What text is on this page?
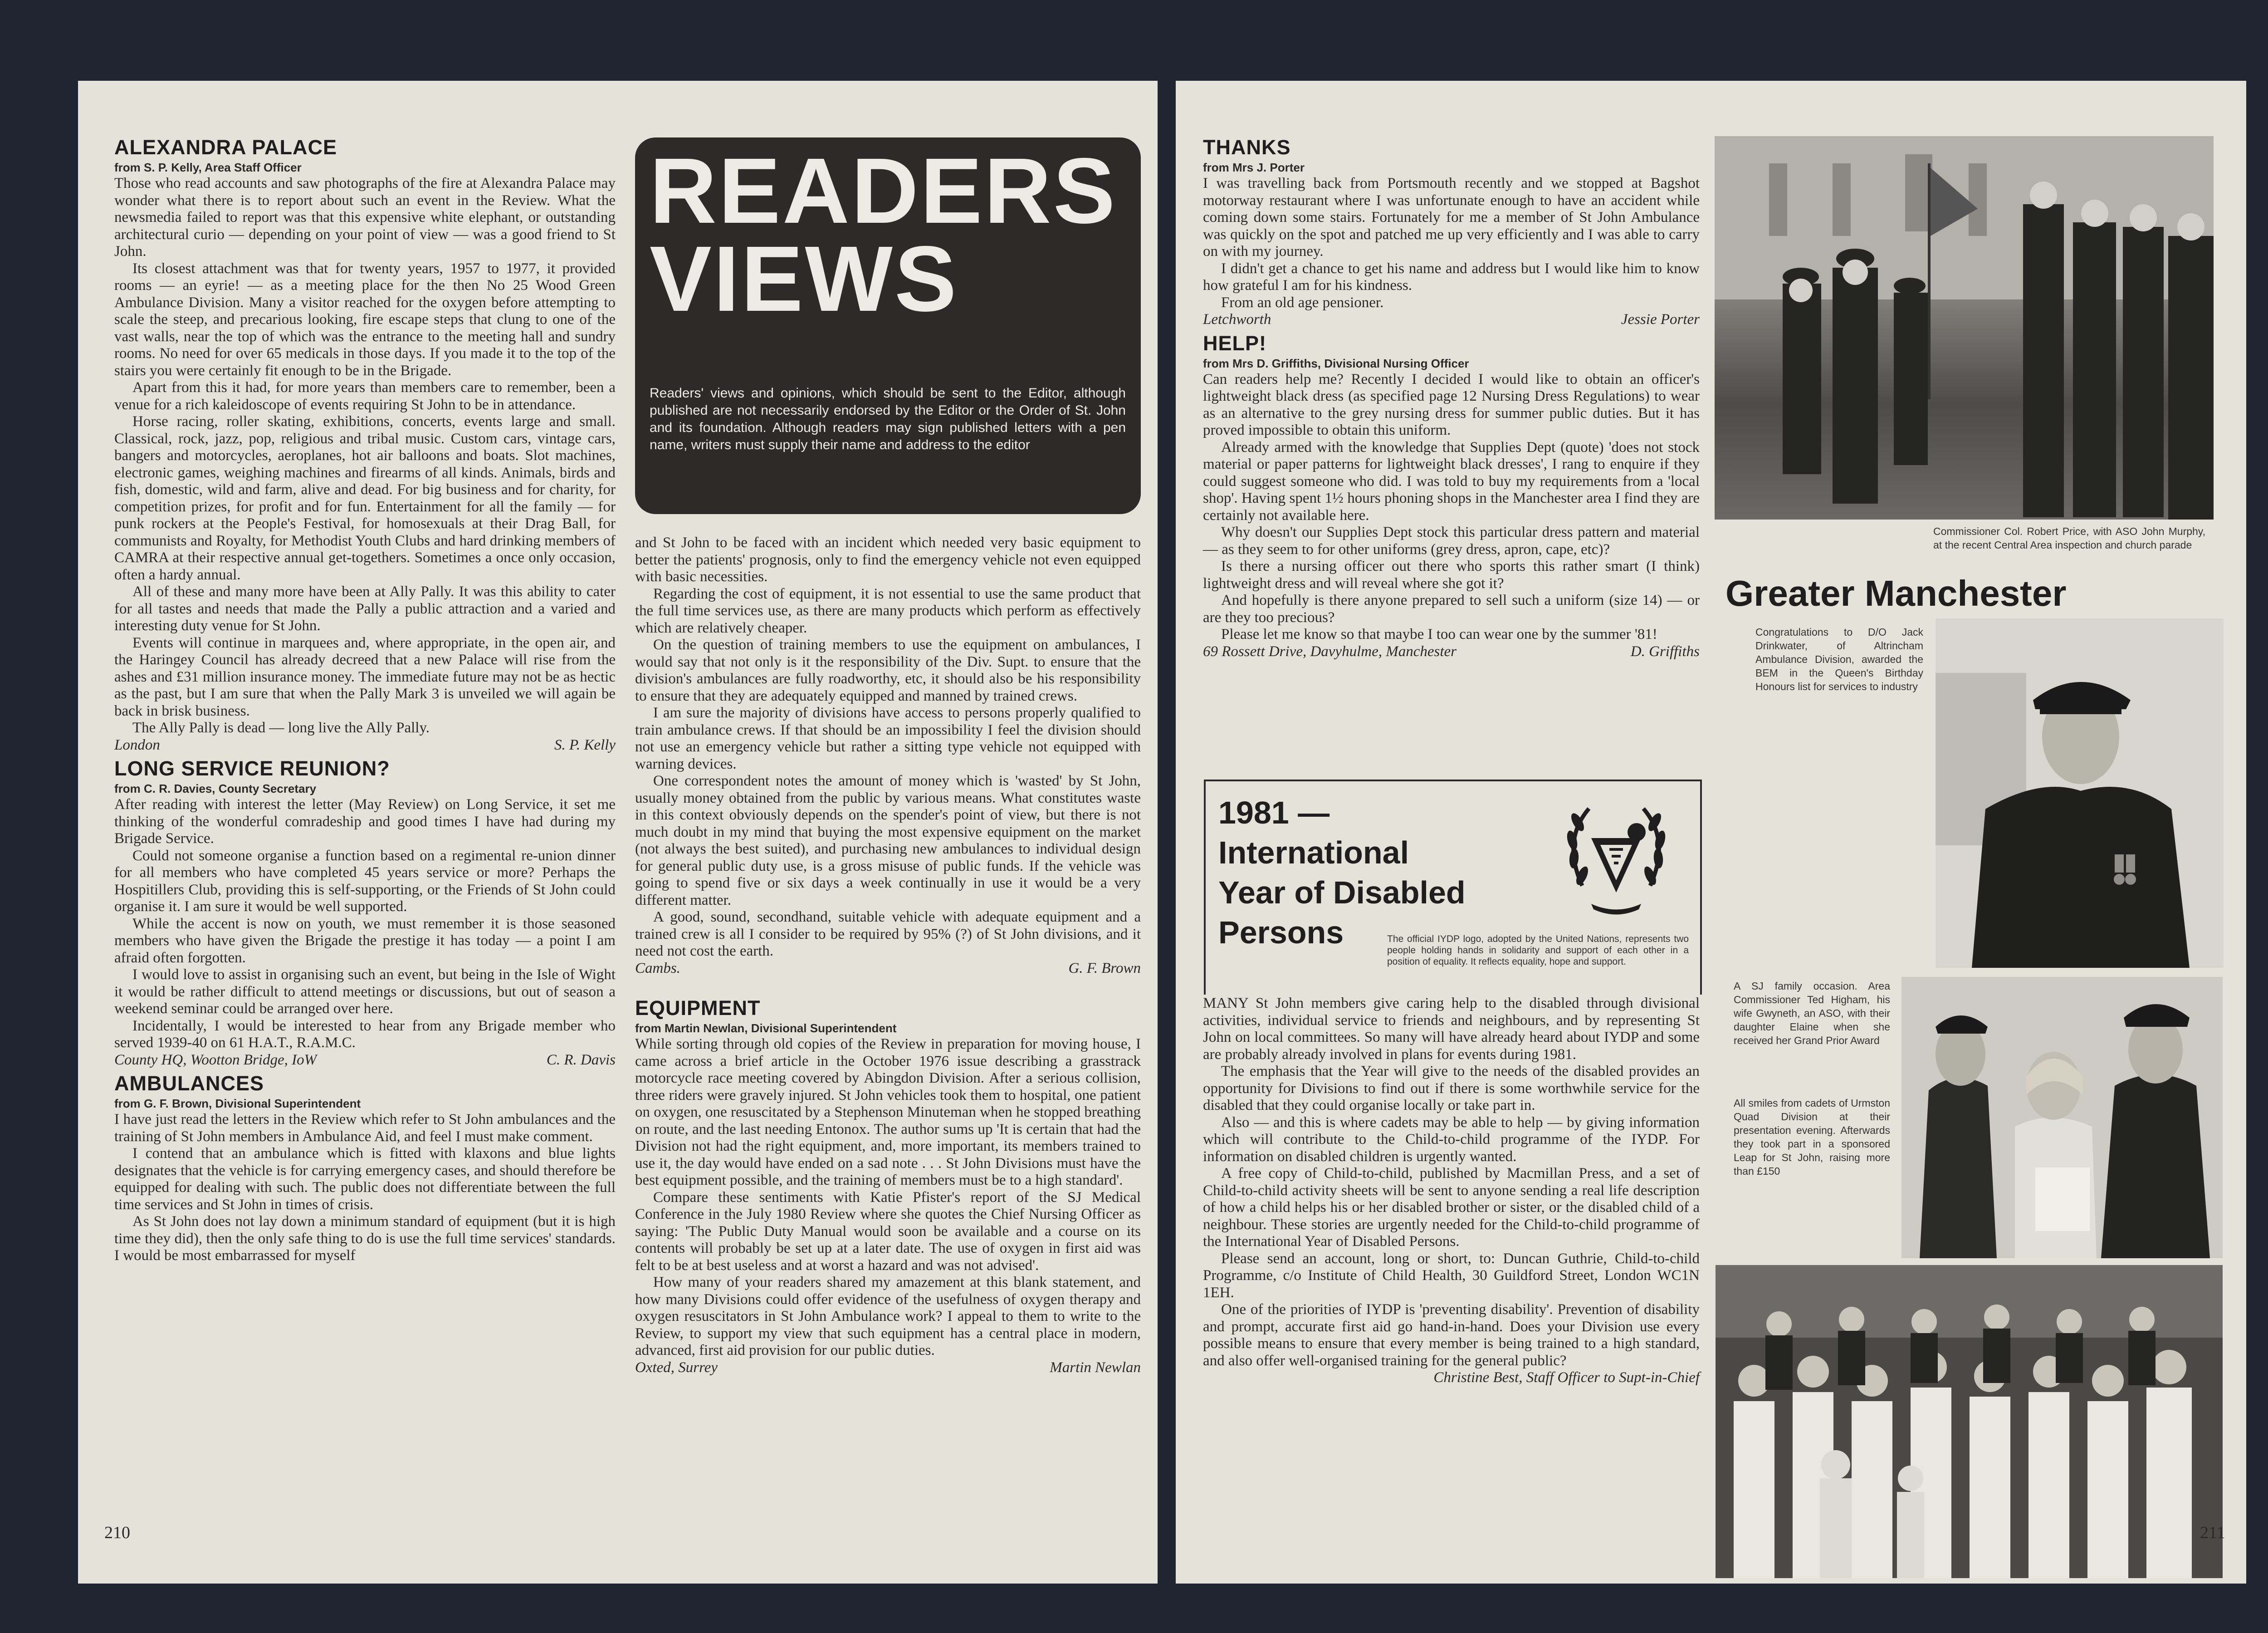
ALEXANDRA PALACE

from S. P. Kelly, Area Staff Officer

Those who read accounts and saw photographs of the fire at Alexandra Palace may wonder what there is to report about such an event in the Review. What the newsmedia failed to report was that this expensive white elephant, or outstanding architectural curio — depending on your point of view — was a good friend to St John.

Its closest attachment was that for twenty years, 1957 to 1977, it provided rooms — an eyrie! — as a meeting place for the then No 25 Wood Green Ambulance Division. Many a visitor reached for the oxygen before attempting to scale the steep, and precarious looking, fire escape steps that clung to one of the vast walls, near the top of which was the entrance to the meeting hall and sundry rooms. No need for over 65 medicals in those days. If you made it to the top of the stairs you were certainly fit enough to be in the Brigade.

Apart from this it had, for more years than members care to remember, been a venue for a rich kaleidoscope of events requiring St John to be in attendance.

Horse racing, roller skating, exhibitions, concerts, events large and small. Classical, rock, jazz, pop, religious and tribal music. Custom cars, vintage cars, bangers and motorcycles, aeroplanes, hot air balloons and boats. Slot machines, electronic games, weighing machines and firearms of all kinds. Animals, birds and fish, domestic, wild and farm, alive and dead. For big business and for charity, for competition prizes, for profit and for fun. Entertainment for all the family — for punk rockers at the People's Festival, for homosexuals at their Drag Ball, for communists and Royalty, for Methodist Youth Clubs and hard drinking members of CAMRA at their respective annual get-togethers. Sometimes a once only occasion, often a hardy annual.

All of these and many more have been at Ally Pally. It was this ability to cater for all tastes and needs that made the Pally a public attraction and a varied and interesting duty venue for St John.

Events will continue in marquees and, where appropriate, in the open air, and the Haringey Council has already decreed that a new Palace will rise from the ashes and £31 million insurance money. The immediate future may not be as hectic as the past, but I am sure that when the Pally Mark 3 is unveiled we will again be back in brisk business.

The Ally Pally is dead — long live the Ally Pally.

London	S. P. Kelly
LONG SERVICE REUNION?

from C. R. Davies, County Secretary

After reading with interest the letter (May Review) on Long Service, it set me thinking of the wonderful comradeship and good times I have had during my Brigade Service.

Could not someone organise a function based on a regimental re-union dinner for all members who have completed 45 years service or more? Perhaps the Hospitillers Club, providing this is self-supporting, or the Friends of St John could organise it. I am sure it would be well supported.

While the accent is now on youth, we must remember it is those seasoned members who have given the Brigade the prestige it has today — a point I am afraid often forgotten.

I would love to assist in organising such an event, but being in the Isle of Wight it would be rather difficult to attend meetings or discussions, but out of season a weekend seminar could be arranged over here.

Incidentally, I would be interested to hear from any Brigade member who served 1939-40 on 61 H.A.T., R.A.M.C.

County HQ, Wootton Bridge, IoW	C. R. Davis
AMBULANCES

from G. F. Brown, Divisional Superintendent

I have just read the letters in the Review which refer to St John ambulances and the training of St John members in Ambulance Aid, and feel I must make comment.

I contend that an ambulance which is fitted with klaxons and blue lights designates that the vehicle is for carrying emergency cases, and should therefore be equipped for dealing with such. The public does not differentiate between the full time services and St John in times of crisis.

As St John does not lay down a minimum standard of equipment (but it is high time they did), then the only safe thing to do is use the full time services' standards. I would be most embarrassed for myself

READERS
VIEWS
Readers' views and opinions, which should be sent to the Editor, although published are not necessarily endorsed by the Editor or the Order of St. John and its foundation. Although readers may sign published letters with a pen name, writers must supply their name and address to the editor

and St John to be faced with an incident which needed very basic equipment to better the patients' prognosis, only to find the emergency vehicle not even equipped with basic necessities.

Regarding the cost of equipment, it is not essential to use the same product that the full time services use, as there are many products which perform as effectively which are relatively cheaper.

On the question of training members to use the equipment on ambulances, I would say that not only is it the responsibility of the Div. Supt. to ensure that the division's ambulances are fully roadworthy, etc, it should also be his responsibility to ensure that they are adequately equipped and manned by trained crews.

I am sure the majority of divisions have access to persons properly qualified to train ambulance crews. If that should be an impossibility I feel the division should not use an emergency vehicle but rather a sitting type vehicle not equipped with warning devices.

One correspondent notes the amount of money which is 'wasted' by St John, usually money obtained from the public by various means. What constitutes waste in this context obviously depends on the spender's point of view, but there is not much doubt in my mind that buying the most expensive equipment on the market (not always the best suited), and purchasing new ambulances to individual design for general public duty use, is a gross misuse of public funds. If the vehicle was going to spend five or six days a week continually in use it would be a very different matter.

A good, sound, secondhand, suitable vehicle with adequate equipment and a trained crew is all I consider to be required by 95% (?) of St John divisions, and it need not cost the earth.

Cambs.	G. F. Brown
EQUIPMENT

from Martin Newlan, Divisional Superintendent

While sorting through old copies of the Review in preparation for moving house, I came across a brief article in the October 1976 issue describing a grasstrack motorcycle race meeting covered by Abingdon Division. After a serious collision, three riders were gravely injured. St John vehicles took them to hospital, one patient on oxygen, one resuscitated by a Stephenson Minuteman when he stopped breathing on route, and the last needing Entonox. The author sums up 'It is certain that had the Division not had the right equipment, and, more important, its members trained to use it, the day would have ended on a sad note . . . St John Divisions must have the best equipment possible, and the training of members must be to a high standard'.

Compare these sentiments with Katie Pfister's report of the SJ Medical Conference in the July 1980 Review where she quotes the Chief Nursing Officer as saying: 'The Public Duty Manual would soon be available and a course on its contents will probably be set up at a later date. The use of oxygen in first aid was felt to be at best useless and at worst a hazard and was not advised'.

How many of your readers shared my amazement at this blank statement, and how many Divisions could offer evidence of the usefulness of oxygen therapy and oxygen resuscitators in St John Ambulance work? I appeal to them to write to the Review, to support my view that such equipment has a central place in modern, advanced, first aid provision for our public duties.

Oxted, Surrey	Martin Newlan
210
THANKS

from Mrs J. Porter

I was travelling back from Portsmouth recently and we stopped at Bagshot motorway restaurant where I was unfortunate enough to have an accident while coming down some stairs. Fortunately for me a member of St John Ambulance was quickly on the spot and patched me up very efficiently and I was able to carry on with my journey.

I didn't get a chance to get his name and address but I would like him to know how grateful I am for his kindness.

From an old age pensioner.

Letchworth	Jessie Porter
HELP!

from Mrs D. Griffiths, Divisional Nursing Officer

Can readers help me? Recently I decided I would like to obtain an officer's lightweight black dress (as specified page 12 Nursing Dress Regulations) to wear as an alternative to the grey nursing dress for summer public duties. But it has proved impossible to obtain this uniform.

Already armed with the knowledge that Supplies Dept (quote) 'does not stock material or paper patterns for lightweight black dresses', I rang to enquire if they could suggest someone who did. I was told to buy my requirements from a 'local shop'. Having spent 1½ hours phoning shops in the Manchester area I find they are certainly not available here.

Why doesn't our Supplies Dept stock this particular dress pattern and material — as they seem to for other uniforms (grey dress, apron, cape, etc)?

Is there a nursing officer out there who sports this rather smart (I think) lightweight dress and will reveal where she got it?

And hopefully is there anyone prepared to sell such a uniform (size 14) — or are they too precious?

Please let me know so that maybe I too can wear one by the summer '81!

69 Rossett Drive, Davyhulme, Manchester	D. Griffiths
1981 —
International
Year of Disabled
Persons	The official IYDP logo, adopted by the United Nations, represents two people holding hands in solidarity and support of each other in a position of equality. It reflects equality, hope and support.

MANY St John members give caring help to the disabled through divisional activities, individual service to friends and neighbours, and by representing St John on local committees. So many will have already heard about IYDP and some are probably already involved in plans for events during 1981.

The emphasis that the Year will give to the needs of the disabled provides an opportunity for Divisions to find out if there is some worthwhile service for the disabled that they could organise locally or take part in.

Also — and this is where cadets may be able to help — by giving information which will contribute to the Child-to-child programme of the IYDP. For information on disabled children is urgently wanted.

A free copy of Child-to-child, published by Macmillan Press, and a set of Child-to-child activity sheets will be sent to anyone sending a real life description of how a child helps his or her disabled brother or sister, or the disabled child of a neighbour. These stories are urgently needed for the Child-to-child programme of the International Year of Disabled Persons.

Please send an account, long or short, to: Duncan Guthrie, Child-to-child Programme, c/o Institute of Child Health, 30 Guildford Street, London WC1N 1EH.

One of the priorities of IYDP is 'preventing disability'. Prevention of disability and prompt, accurate first aid go hand-in-hand. Does your Division use every possible means to ensure that every member is being trained to a high standard, and also offer well-organised training for the general public?

Christine Best, Staff Officer to Supt-in-Chief
Commissioner Col. Robert Price, with ASO John Murphy, at the recent Central Area inspection and church parade
Greater Manchester
Congratulations to D/O Jack Drinkwater, of Altrincham Ambulance Division, awarded the BEM in the Queen's Birthday Honours list for services to industry
A SJ family occasion. Area Commissioner Ted Higham, his wife Gwyneth, an ASO, with their daughter Elaine when she received her Grand Prior Award
All smiles from cadets of Urmston Quad Division at their presentation evening. Afterwards they took part in a sponsored Leap for St John, raising more than £150
211
